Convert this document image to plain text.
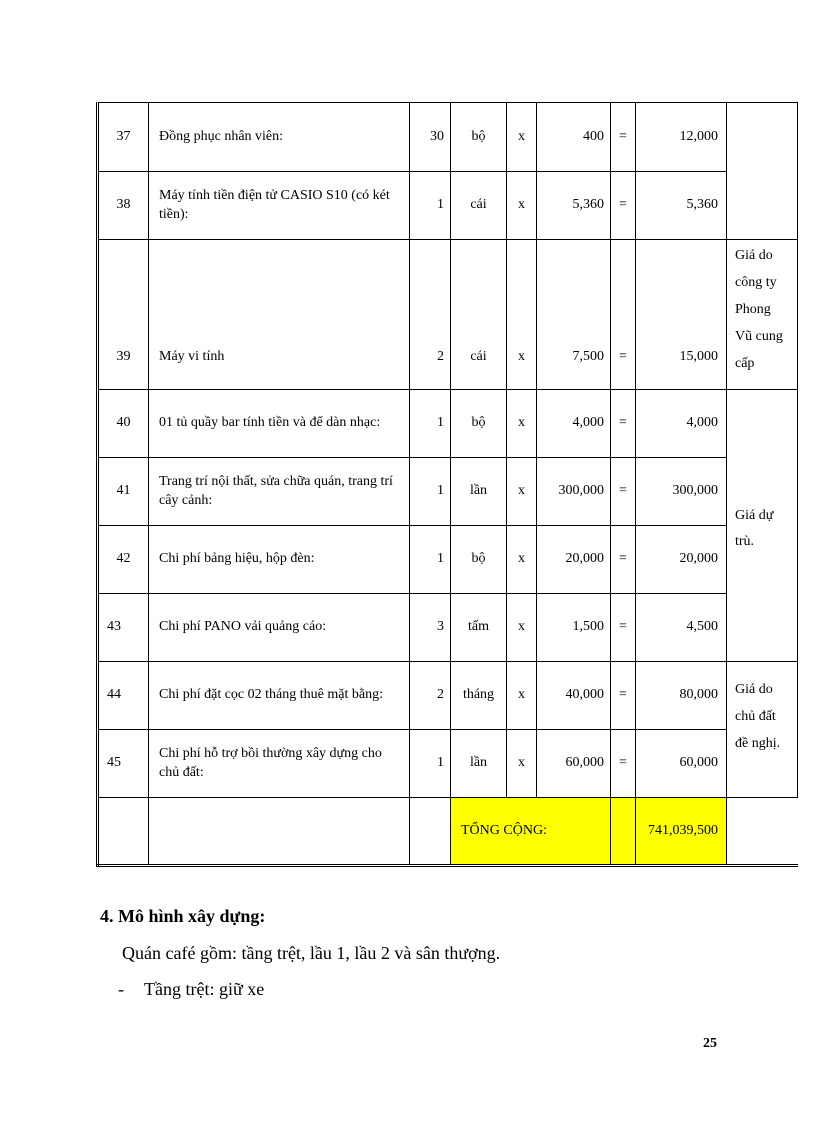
37	Đồng phục nhân viên:	30	bộ	x	400	=	12,000	
38	Máy tính tiền điện tử CASIO S10 (có két tiền):	1	cái	x	5,360	=	5,360	
39	Máy vi tính	2	cái	x	7,500	=	15,000	Giá do công ty Phong Vũ cung cấp
40	01 tủ quầy bar tính tiền và để dàn nhạc:	1	bộ	x	4,000	=	4,000	Giá dự trù.
41	Trang trí nội thất, sửa chữa quán, trang trí cây cảnh:	1	lần	x	300,000	=	300,000	
42	Chi phí bảng hiệu, hộp đèn:	1	bộ	x	20,000	=	20,000	
43	Chi phí PANO vải quảng cáo:	3	tấm	x	1,500	=	4,500	
44	Chi phí đặt cọc 02 tháng thuê mặt bằng:	2	tháng	x	40,000	=	80,000	Giá do chủ đất đề nghị.
45	Chi phí hỗ trợ bồi thường xây dựng cho chủ đất:	1	lần	x	60,000	=	60,000	
			TỔNG CỘNG:				741,039,500	
4. Mô hình xây dựng:
Quán café gồm: tầng trệt, lầu 1, lầu 2 và sân thượng.
- Tầng trệt: giữ xe
25
